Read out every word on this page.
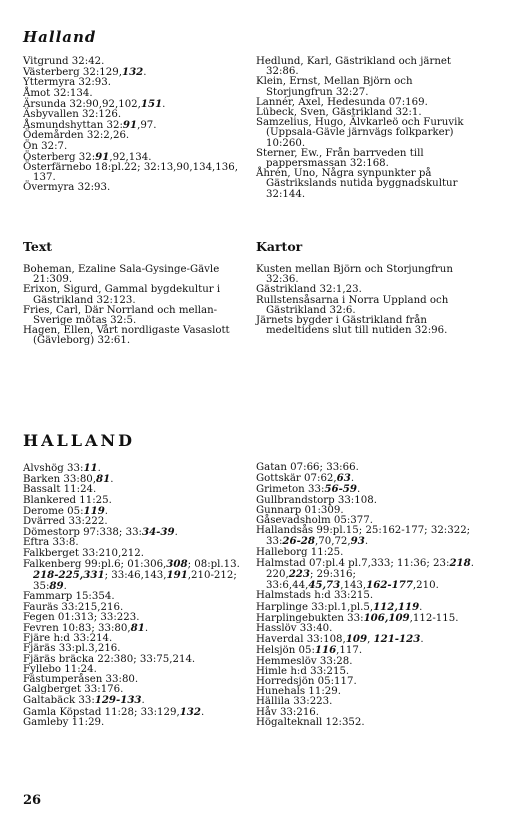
Halland
Vitgrund 32:42.
Västerberg 32:129,132.
Yttermyra 32:93.
Åmot 32:134.
Ärsunda 32:90,92,102,151.
Äsbyvallen 32:126.
Åsmundshyttan 32:91,97.
Ödemården 32:2,26.
Ön 32:7.
Österberg 32:91,92,134.
Österfärnebo 18:pl.22; 32:13,90,134,136, 137.
Övermyra 32:93.
Hedlund, Karl, Gästrikland och järnet 32:86.
Klein, Ernst, Mellan Björn och Storjungfrun 32:27.
Lannér, Axel, Hedesunda 07:169.
Lübeck, Sven, Gästrikland 32:1.
Samzelius, Hugo, Älvkarleö och Furuvik (Uppsala-Gävle järnvägs folkparker) 10:260.
Sterner, Ew., Från barrveden till pappersmassan 32:168.
Åhrén, Uno, Några synpunkter på Gästrikslands nutida byggnadskultur 32:144.
Text	Kartor
Boheman, Ezaline Sala-Gysinge-Gävle 21:309.
Erixon, Sigurd, Gammal bygdekultur i Gästrikland 32:123.
Fries, Carl, Där Norrland och mellan-Sverige mötas 32:5.
Hagen, Ellen, Vårt nordligaste Vasaslott (Gävleborg) 32:61.
Kusten mellan Björn och Storjungfrun 32:36.
Gästrikland 32:1,23.
Rullstensåsarna i Norra Uppland och Gästrikland 32:6.
Järnets bygder i Gästrikland från medeltidens slut till nutiden 32:96.
HALLAND
Alvshög 33:11.
Barken 33:80,81.
Bassalt 11:24.
Blankered 11:25.
Derome 05:119.
Dvärred 33:222.
Dömestorp 97:338; 33:34-39.
Eftra 33:8.
Falkberget 33:210,212.
Falkenberg 99:pl.6; 01:306,308; 08:pl.13. 218-225,331; 33:46,143,191,210-212; 35:89.
Fammarp 15:354.
Fauräs 33:215,216.
Fegen 01:313; 33:223.
Fevren 10:83; 33:80,81.
Fjäre h:d 33:214.
Fjäräs 33:pl.3,216.
Fjäräs bräcka 22:380; 33:75,214.
Fyllebo 11:24.
Fästumperåsen 33:80.
Galgberget 33:176.
Galtabäck 33:129-133.
Gamla Köpstad 11:28; 33:129,132.
Gamleby 11:29.
Gatan 07:66; 33:66.
Gottskär 07:62,63.
Grimeton 33:56-59.
Gullbrandstorp 33:108.
Gunnarp 01:309.
Gåsevadsholm 05:377.
Hallandsås 99:pl.15; 25:162-177; 32:322; 33:26-28,70,72,93.
Halleborg 11:25.
Halmstad 07:pl.4 pl.7,333; 11:36; 23:218. 220,223; 29:316; 33:6,44,45,73,143,162-177,210.
Halmstads h:d 33:215.
Harplinge 33:pl.1,pl.5,112,119.
Harplingebukten 33:106,109,112-115.
Hasslöv 33:40.
Haverdal 33:108,109, 121-123.
Helsjön 05:116,117.
Hemmeslöv 33:28.
Himle h:d 33:215.
Horredsjön 05:117.
Hunehals 11:29.
Hällila 33:223.
Håv 33:216.
Högalteknall 12:352.
26
